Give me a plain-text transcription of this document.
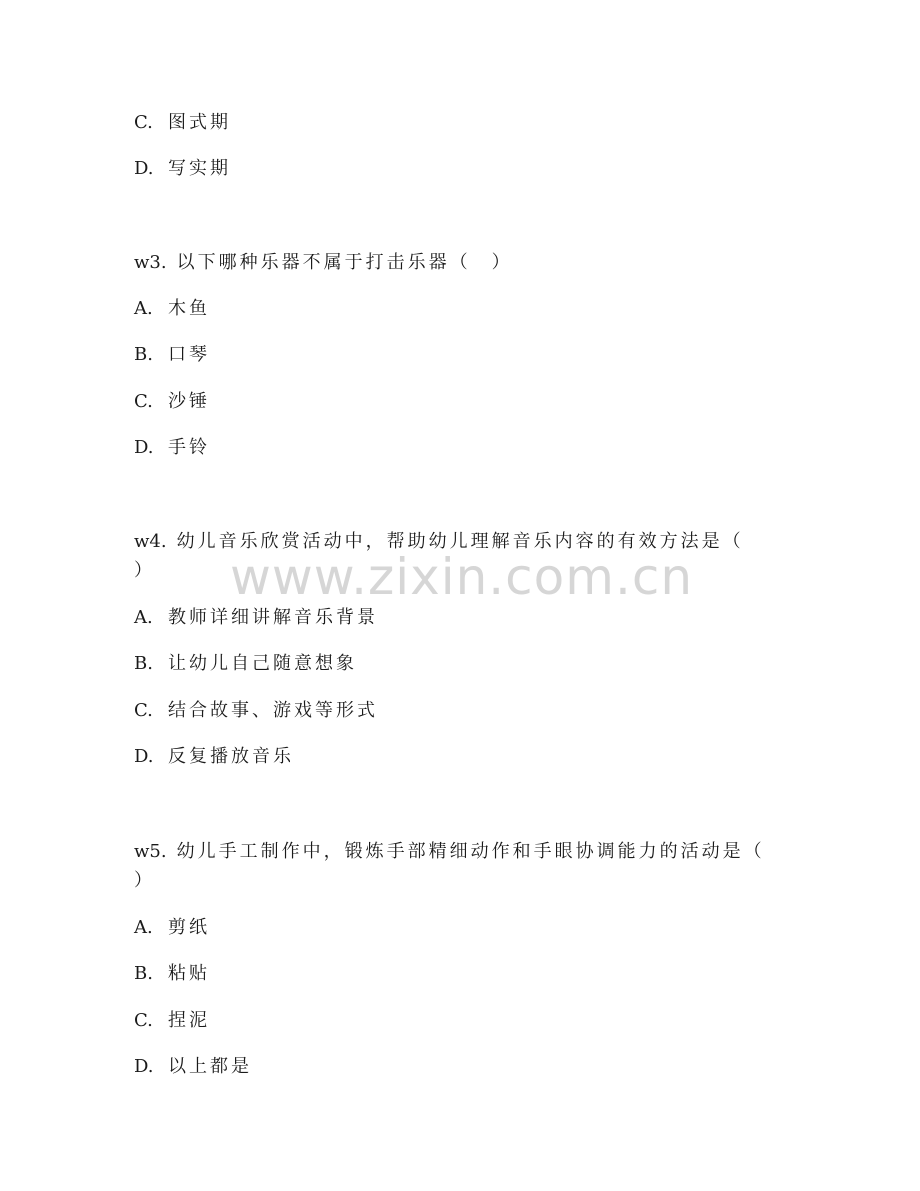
www.zixin.com.cn
C. 图式期
D. 写实期
w3. 以下哪种乐器不属于打击乐器（　）
A. 木鱼
B. 口琴
C. 沙锤
D. 手铃
w4. 幼儿音乐欣赏活动中，帮助幼儿理解音乐内容的有效方法是（
）
A. 教师详细讲解音乐背景
B. 让幼儿自己随意想象
C. 结合故事、游戏等形式
D. 反复播放音乐
w5. 幼儿手工制作中，锻炼手部精细动作和手眼协调能力的活动是（
）
A. 剪纸
B. 粘贴
C. 捏泥
D. 以上都是
